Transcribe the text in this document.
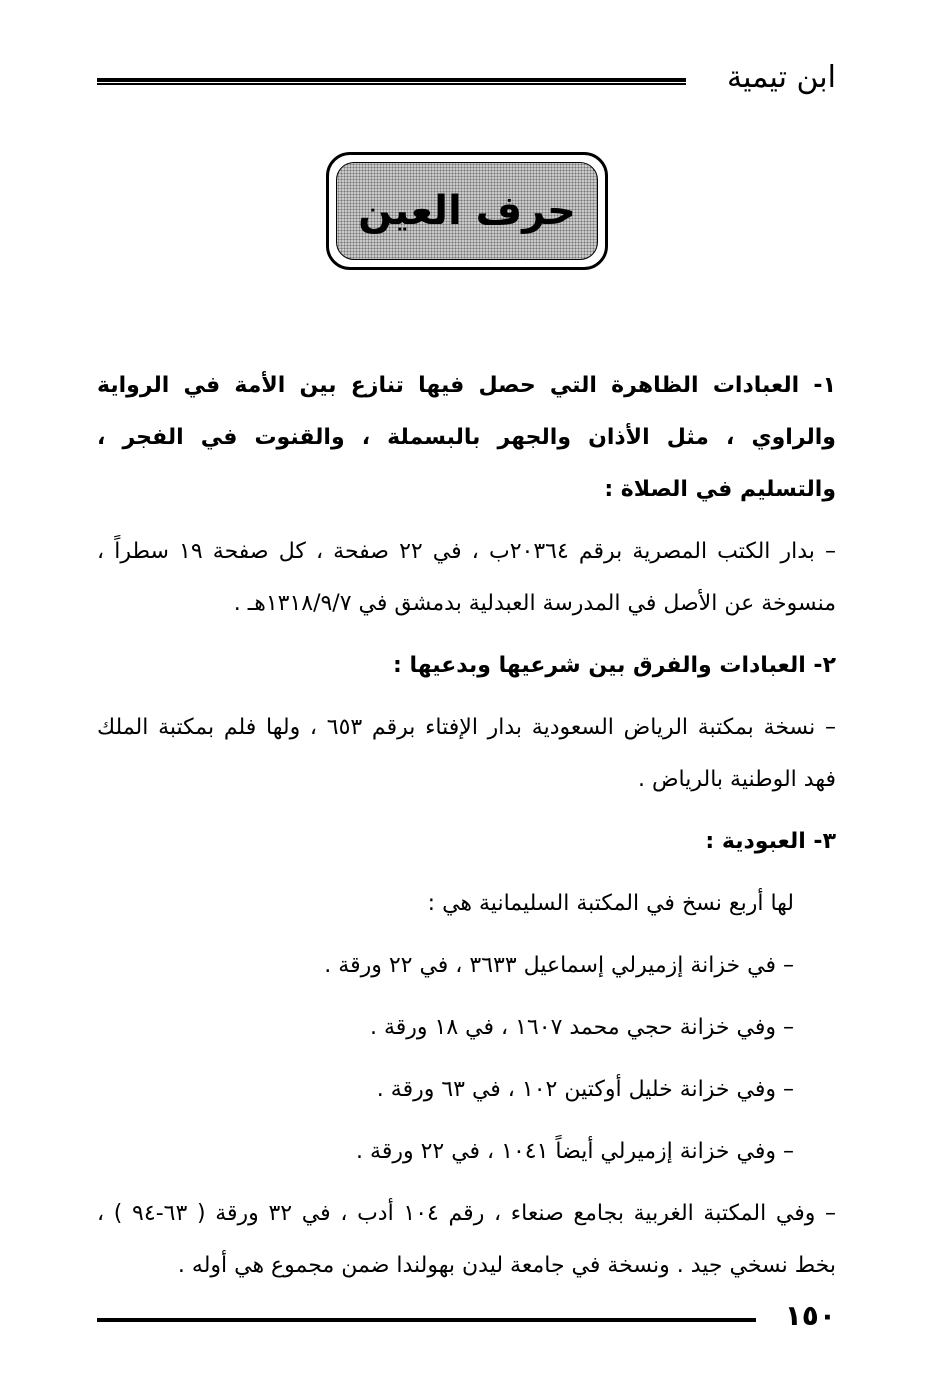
ابن تيمية
حرف العين

١- العبادات الظاهرة التي حصل فيها تنازع بين الأمة في الرواية والراوي ، مثل الأذان والجهر بالبسملة ، والقنوت في الفجر ، والتسليم في الصلاة :

– بدار الكتب المصرية برقم ٢٠٣٦٤ب ، في ٢٢ صفحة ، كل صفحة ١٩ سطراً ، منسوخة عن الأصل في المدرسة العبدلية بدمشق في ١٣١٨/٩/٧هـ .

٢- العبادات والفرق بين شرعيها وبدعيها :

– نسخة بمكتبة الرياض السعودية بدار الإفتاء برقم ٦٥٣ ، ولها فلم بمكتبة الملك فهد الوطنية بالرياض .

٣- العبودية :

لها أربع نسخ في المكتبة السليمانية هي :

– في خزانة إزميرلي إسماعيل ٣٦٣٣ ، في ٢٢ ورقة .

– وفي خزانة حجي محمد ١٦٠٧ ، في ١٨ ورقة .

– وفي خزانة خليل أوكتين ١٠٢ ، في ٦٣ ورقة .

– وفي خزانة إزميرلي أيضاً ١٠٤١ ، في ٢٢ ورقة .

– وفي المكتبة الغربية بجامع صنعاء ، رقم ١٠٤ أدب ، في ٣٢ ورقة ( ٦٣-٩٤ ) ، بخط نسخي جيد . ونسخة في جامعة ليدن بهولندا ضمن مجموع هي أوله .

١٥٠
